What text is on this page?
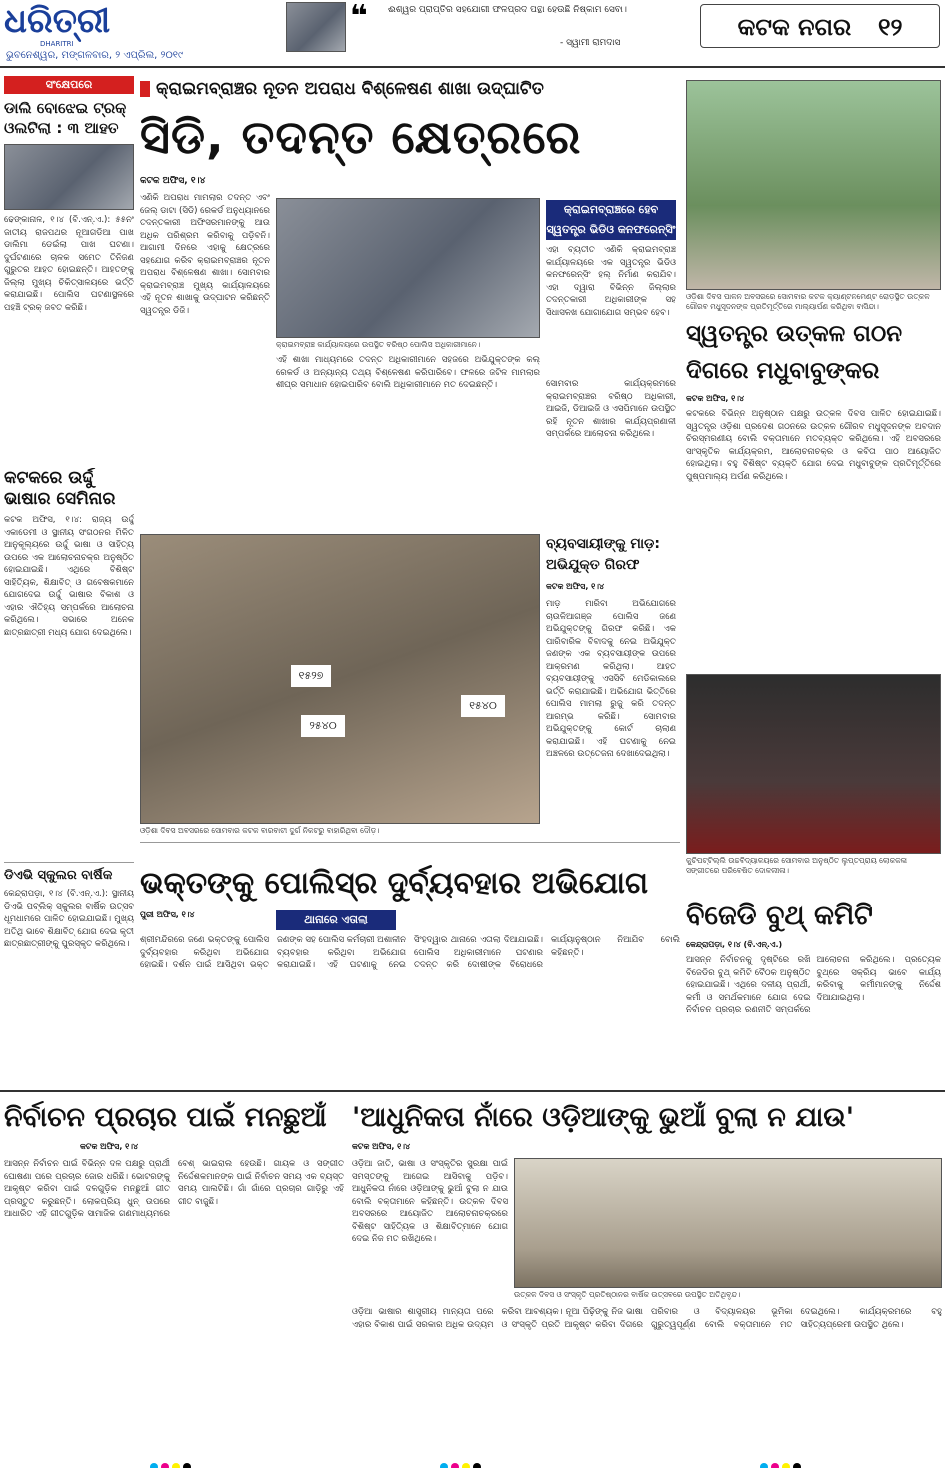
ଧରିତ୍ରୀ
DHARITRI
ଭୁବନେଶ୍ୱର, ମଙ୍ଗଳବାର, ୨ ଏପ୍ରିଲ, ୨୦୧୯
❝	ଈଶ୍ୱର ପ୍ରାପ୍ତିର ସହଯୋଗୀ ଫଳପ୍ରଦ ପନ୍ଥା ହେଉଛି ନିଷ୍କାମ ସେବା।
- ସ୍ୱାମୀ ରାମଦାସ
କଟକ ନଗର ୧୨
ସଂକ୍ଷେପରେ
ଡାଲି ବୋଝେଇ ଟ୍ରକ୍ ଓଲଟିଲା : ୩ ଆହତ
ଢେଙ୍କାନାଳ, ୧।୪ (ବି.ଏନ୍.ଏ.): ୫୫ନଂ ଜାତୀୟ ରାଜପଥର ନୂଆଗଡିଆ ପାଖ ଡାଲିମା ଡେଇଁଲା ପାଖ ଘଟଣା। ଦୁର୍ଘଟଣାରେ ଚାଳକ ସମେତ ତିନିଜଣ ଗୁରୁତର ଆହତ ହୋଇଛନ୍ତି। ଆହତଙ୍କୁ ଜିଲ୍ଲା ମୁଖ୍ୟ ଚିକିତ୍ସାଳୟରେ ଭର୍ତ୍ତି କରାଯାଇଛି। ପୋଲିସ ଘଟଣାସ୍ଥଳରେ ପହଞ୍ଚି ଟ୍ରକ୍ ଜବତ କରିଛି।
କଟକରେ ଉର୍ଦ୍ଦୁ ଭାଷାର ସେମିନାର
କଟକ ଅଫିସ, ୧।୪: ରାଜ୍ୟ ଉର୍ଦ୍ଦୁ ଏକାଡେମୀ ଓ ସ୍ଥାନୀୟ ସଂଗଠନର ମିଳିତ ଆନୁକୂଲ୍ୟରେ ଉର୍ଦ୍ଦୁ ଭାଷା ଓ ସାହିତ୍ୟ ଉପରେ ଏକ ଆଲୋଚନାଚକ୍ର ଅନୁଷ୍ଠିତ ହୋଇଯାଇଛି। ଏଥିରେ ବିଶିଷ୍ଟ ସାହିତ୍ୟିକ, ଶିକ୍ଷାବିତ୍ ଓ ଗବେଷକମାନେ ଯୋଗଦେଇ ଉର୍ଦ୍ଦୁ ଭାଷାର ବିକାଶ ଓ ଏହାର ଐତିହ୍ୟ ସମ୍ପର୍କରେ ଆଲୋଚନା କରିଥିଲେ। ସଭାରେ ଅନେକ ଛାତ୍ରଛାତ୍ରୀ ମଧ୍ୟ ଯୋଗ ଦେଇଥିଲେ।
ଡିଏଭି ସ୍କୁଲର ବାର୍ଷିକ
କେନ୍ଦ୍ରାପଡ଼ା, ୧।୪ (ବି.ଏନ୍.ଏ.): ସ୍ଥାନୀୟ ଡିଏଭି ପବ୍ଲିକ୍ ସ୍କୁଲର ବାର୍ଷିକ ଉତ୍ସବ ଧୂମଧାମରେ ପାଳିତ ହୋଇଯାଇଛି। ମୁଖ୍ୟ ଅତିଥି ଭାବେ ଶିକ୍ଷାବିତ୍ ଯୋଗ ଦେଇ କୃତୀ ଛାତ୍ରଛାତ୍ରୀଙ୍କୁ ପୁରସ୍କୃତ କରିଥିଲେ।
କ୍ରାଇମବ୍ରାଞ୍ଚର ନୂତନ ଅପରାଧ ବିଶ୍ଳେଷଣ ଶାଖା ଉଦ୍‌ଘାଟିତ
ସିଡି, ତଦନ୍ତ କ୍ଷେତ୍ରରେ
କଟକ ଅଫିସ, ୧।୪
ଏଣିକି ଅପରାଧ ମାମଲାର ତଦନ୍ତ ଏବଂ ଜେଲ୍ ଡାଟା (ସିଡି) ରେକର୍ଡ ଅନୁଧ୍ୟାନରେ ତଦନ୍ତକାରୀ ଅଫିସରମାନଙ୍କୁ ଆଉ ଅଧିକ ପରିଶ୍ରମ କରିବାକୁ ପଡ଼ିବନି। ଆଗାମୀ ଦିନରେ ଏହାକୁ କ୍ଷେତ୍ରରେ ସହଯୋଗ କରିବ କ୍ରାଇମବ୍ରାଞ୍ଚର ନୂତନ ଅପରାଧ ବିଶ୍ଳେଷଣ ଶାଖା। ସୋମବାର କ୍ରାଇମବ୍ରାଞ୍ଚ ମୁଖ୍ୟ କାର୍ଯ୍ୟାଳୟରେ ଏହି ନୂତନ ଶାଖାକୁ ଉଦ୍‌ଘାଟନ କରିଛନ୍ତି ସ୍ୱତନ୍ତ୍ର ଡିଜି।
କ୍ରାଇମବ୍ରାଞ୍ଚ କାର୍ଯ୍ୟାଳୟରେ ଉପସ୍ଥିତ ବରିଷ୍ଠ ପୋଲିସ ଅଧିକାରୀମାନେ।
ଏହି ଶାଖା ମାଧ୍ୟମରେ ତଦନ୍ତ ଅଧିକାରୀମାନେ ସହଜରେ ଅଭିଯୁକ୍ତଙ୍କ କଲ୍ ରେକର୍ଡ ଓ ଅନ୍ୟାନ୍ୟ ତଥ୍ୟ ବିଶ୍ଳେଷଣ କରିପାରିବେ। ଫଳରେ ଜଟିଳ ମାମଲାର ଶୀଘ୍ର ସମାଧାନ ହୋଇପାରିବ ବୋଲି ଅଧିକାରୀମାନେ ମତ ଦେଇଛନ୍ତି।
କ୍ରାଇମବ୍ରାଞ୍ଚରେ ହେବ ସ୍ୱତନ୍ତ୍ର ଭିଡିଓ କନଫରେନ୍ସିଂ
ଏହା ବ୍ୟତୀତ ଏଣିକି କ୍ରାଇମବ୍ରାଞ୍ଚ କାର୍ଯ୍ୟାଳୟରେ ଏକ ସ୍ୱତନ୍ତ୍ର ଭିଡିଓ କନଫରେନ୍ସିଂ ହଲ୍ ନିର୍ମାଣ କରାଯିବ। ଏହା ଦ୍ୱାରା ବିଭିନ୍ନ ଜିଲ୍ଲାର ତଦନ୍ତକାରୀ ଅଧିକାରୀଙ୍କ ସହ ସିଧାସଳଖ ଯୋଗାଯୋଗ ସମ୍ଭବ ହେବ।
ସୋମବାର କାର୍ଯ୍ୟକ୍ରମରେ କ୍ରାଇମବ୍ରାଞ୍ଚର ବରିଷ୍ଠ ଅଧିକାରୀ, ଆଇଜି, ଡିଆଇଜି ଓ ଏସପିମାନେ ଉପସ୍ଥିତ ରହି ନୂତନ ଶାଖାର କାର୍ଯ୍ୟପ୍ରଣାଳୀ ସମ୍ପର୍କରେ ଆଲୋଚନା କରିଥିଲେ।
୧୫୨୭
୨୫୪୦
୧୫୪୦
ଓଡ଼ିଶା ଦିବସ ଅବସରରେ ସୋମବାର କଟକ ବାରବାଟୀ ଦୁର୍ଗ ନିକଟରୁ ବାହାରିଥିବା ଦୌଡ଼।
ବ୍ୟବସାୟୀଙ୍କୁ ମାଡ଼: ଅଭିଯୁକ୍ତ ଗିରଫ
କଟକ ଅଫିସ, ୧।୪
ମାଡ଼ ମାରିବା ଅଭିଯୋଗରେ ଚାଉଳିଆଗଞ୍ଜ ପୋଲିସ ଜଣେ ଅଭିଯୁକ୍ତଙ୍କୁ ଗିରଫ କରିଛି। ଏକ ପାରିବାରିକ ବିବାଦକୁ ନେଇ ଅଭିଯୁକ୍ତ ଜଣଙ୍କ ଏକ ବ୍ୟବସାୟୀଙ୍କ ଉପରେ ଆକ୍ରମଣ କରିଥିଲା। ଆହତ ବ୍ୟବସାୟୀଙ୍କୁ ଏସସିବି ମେଡିକାଲରେ ଭର୍ତ୍ତି କରାଯାଇଛି। ଅଭିଯୋଗ ଭିତ୍ତିରେ ପୋଲିସ ମାମଲା ରୁଜୁ କରି ତଦନ୍ତ ଆରମ୍ଭ କରିଛି। ସୋମବାର ଅଭିଯୁକ୍ତଙ୍କୁ କୋର୍ଟ ଚାଲାଣ କରାଯାଇଛି। ଏହି ଘଟଣାକୁ ନେଇ ଅଞ୍ଚଳରେ ଉତ୍ତେଜନା ଦେଖାଦେଇଥିଲା।
ଓଡ଼ିଶା ଦିବସ ପାଳନ ଅବସରରେ ସୋମବାର କଟକ କ୍ୟାଣ୍ଟନମେଣ୍ଟ ରୋଡ଼ସ୍ଥିତ ଉତ୍କଳ ଗୌରବ ମଧୁସୂଦନଙ୍କ ପ୍ରତିମୂର୍ତ୍ତିରେ ମାଲ୍ୟାର୍ପଣ କରିଥିବା ବାସିନ୍ଦା।
ସ୍ୱତନ୍ତ୍ର ଉତ୍କଳ ଗଠନ ଦିଗରେ ମଧୁବାବୁଙ୍କର
କଟକ ଅଫିସ, ୧।୪
କଟକରେ ବିଭିନ୍ନ ଅନୁଷ୍ଠାନ ପକ୍ଷରୁ ଉତ୍କଳ ଦିବସ ପାଳିତ ହୋଇଯାଇଛି। ସ୍ୱତନ୍ତ୍ର ଓଡ଼ିଶା ପ୍ରଦେଶ ଗଠନରେ ଉତ୍କଳ ଗୌରବ ମଧୁସୂଦନଙ୍କ ଅବଦାନ ଚିରସ୍ମରଣୀୟ ବୋଲି ବକ୍ତାମାନେ ମତବ୍ୟକ୍ତ କରିଥିଲେ। ଏହି ଅବସରରେ ସାଂସ୍କୃତିକ କାର୍ଯ୍ୟକ୍ରମ, ଆଲୋଚନାଚକ୍ର ଓ କବିତା ପାଠ ଆୟୋଜିତ ହୋଇଥିଲା। ବହୁ ବିଶିଷ୍ଟ ବ୍ୟକ୍ତି ଯୋଗ ଦେଇ ମଧୁବାବୁଙ୍କ ପ୍ରତିମୂର୍ତ୍ତିରେ ପୁଷ୍ପମାଲ୍ୟ ଅର୍ପଣ କରିଥିଲେ।
କୁଚିପଟ୍ଟିଲ୍ଲି ଉଚ୍ଚବିଦ୍ୟାଳୟରେ ସୋମବାର ଅନୁଷ୍ଠିତ ଲୁପ୍ତପ୍ରାୟ ଲୋକକଳା ସଙ୍ଗୀତରେ ପରିବେଷିତ ଦୋଳଲୀଳା।
ଭକ୍ତଙ୍କୁ ପୋଲିସ୍‌ର ଦୁର୍ବ୍ୟବହାର ଅଭିଯୋଗ
ପୁରୀ ଅଫିସ, ୧।୪	ଥାନାରେ ଏତାଲା
ଶ୍ରୀମନ୍ଦିରରେ ଜଣେ ଭକ୍ତଙ୍କୁ ପୋଲିସ ଦୁର୍ବ୍ୟବହାର କରିଥିବା ଅଭିଯୋଗ ହୋଇଛି। ଦର୍ଶନ ପାଇଁ ଆସିଥିବା ଭକ୍ତ ଜଣଙ୍କ ସହ ପୋଲିସ କର୍ମଚାରୀ ଅଶାଳୀନ ବ୍ୟବହାର କରିଥିବା ଅଭିଯୋଗ କରାଯାଇଛି। ଏହି ଘଟଣାକୁ ନେଇ ସିଂହଦ୍ୱାର ଥାନାରେ ଏତାଲା ଦିଆଯାଇଛି। ପୋଲିସ ଅଧିକାରୀମାନେ ଘଟଣାର ତଦନ୍ତ କରି ଦୋଷୀଙ୍କ ବିରୋଧରେ କାର୍ଯ୍ୟାନୁଷ୍ଠାନ ନିଆଯିବ ବୋଲି କହିଛନ୍ତି।
ବିଜେଡି ବୁଥ୍ କମିଟି
କେନ୍ଦ୍ରାପଡ଼ା, ୧।୪ (ବି.ଏନ୍.ଏ.)
ଆସନ୍ନ ନିର୍ବାଚନକୁ ଦୃଷ୍ଟିରେ ରଖି ବିଜେଡିର ବୁଥ୍ କମିଟି ବୈଠକ ଅନୁଷ୍ଠିତ ହୋଇଯାଇଛି। ଏଥିରେ ଦଳୀୟ ପ୍ରାର୍ଥୀ, କର୍ମୀ ଓ ସମର୍ଥକମାନେ ଯୋଗ ଦେଇ ନିର୍ବାଚନ ପ୍ରଚାର ରଣନୀତି ସମ୍ପର୍କରେ ଆଲୋଚନା କରିଥିଲେ। ପ୍ରତ୍ୟେକ ବୁଥ୍‌ରେ ସକ୍ରିୟ ଭାବେ କାର୍ଯ୍ୟ କରିବାକୁ କର୍ମୀମାନଙ୍କୁ ନିର୍ଦ୍ଦେଶ ଦିଆଯାଇଥିଲା।
ନିର୍ବାଚନ ପ୍ରଚାର ପାଇଁ ମନଛୁଆଁ
କଟକ ଅଫିସ, ୧।୪
ଆସନ୍ନ ନିର୍ବାଚନ ପାଇଁ ବିଭିନ୍ନ ଦଳ ପକ୍ଷରୁ ପ୍ରାର୍ଥୀ ଘୋଷଣା ପରେ ପ୍ରଚାର ଜୋର ଧରିଛି। ଭୋଟରଙ୍କୁ ଆକୃଷ୍ଟ କରିବା ପାଇଁ ଦଳଗୁଡ଼ିକ ମନଛୁଆଁ ଗୀତ ପ୍ରସ୍ତୁତ କରୁଛନ୍ତି। ଲୋକପ୍ରିୟ ଧୁନ୍ ଉପରେ ଆଧାରିତ ଏହି ଗୀତଗୁଡ଼ିକ ସାମାଜିକ ଗଣମାଧ୍ୟମରେ ବେଶ୍ ଭାଇରାଲ ହେଉଛି। ଗାୟକ ଓ ସଙ୍ଗୀତ ନିର୍ଦ୍ଦେଶକମାନଙ୍କ ପାଇଁ ନିର୍ବାଚନ ସମୟ ଏକ ବ୍ୟସ୍ତ ସମୟ ପାଲଟିଛି। ଗାଁ ଗାଁରେ ପ୍ରଚାର ଗାଡ଼ିରୁ ଏହି ଗୀତ ବାଜୁଛି।
'ଆଧୁନିକତା ନାଁରେ ଓଡ଼ିଆଙ୍କୁ ଭୁଆଁ ବୁଲା ନ ଯାଉ'
କଟକ ଅଫିସ, ୧।୪
ଓଡ଼ିଆ ଜାତି, ଭାଷା ଓ ସଂସ୍କୃତିର ସୁରକ୍ଷା ପାଇଁ ସମସ୍ତଙ୍କୁ ଆଗେଇ ଆସିବାକୁ ପଡ଼ିବ। ଆଧୁନିକତା ନାଁରେ ଓଡ଼ିଆଙ୍କୁ ଭୁଆଁ ବୁଲା ନ ଯାଉ ବୋଲି ବକ୍ତାମାନେ କହିଛନ୍ତି। ଉତ୍କଳ ଦିବସ ଅବସରରେ ଆୟୋଜିତ ଆଲୋଚନାଚକ୍ରରେ ବିଶିଷ୍ଟ ସାହିତ୍ୟିକ ଓ ଶିକ୍ଷାବିତ୍‌ମାନେ ଯୋଗ ଦେଇ ନିଜ ମତ ରଖିଥିଲେ।
ଉତ୍କଳ ଦିବସ ଓ ସଂସ୍କୃତି ପ୍ରତିଷ୍ଠାନର ବାର୍ଷିକ ଉତ୍ସବରେ ଉପସ୍ଥିତ ଅତିଥିବୃନ୍ଦ।
ଓଡ଼ିଆ ଭାଷାର ଶାସ୍ତ୍ରୀୟ ମାନ୍ୟତା ପରେ ଏହାର ବିକାଶ ପାଇଁ ସରକାର ଅଧିକ ଉଦ୍ୟମ କରିବା ଆବଶ୍ୟକ। ନୂଆ ପିଢ଼ିଙ୍କୁ ନିଜ ଭାଷା ଓ ସଂସ୍କୃତି ପ୍ରତି ଆକୃଷ୍ଟ କରିବା ଦିଗରେ ପରିବାର ଓ ବିଦ୍ୟାଳୟର ଭୂମିକା ଗୁରୁତ୍ୱପୂର୍ଣ୍ଣ ବୋଲି ବକ୍ତାମାନେ ମତ ଦେଇଥିଲେ। କାର୍ଯ୍ୟକ୍ରମରେ ବହୁ ସାହିତ୍ୟପ୍ରେମୀ ଉପସ୍ଥିତ ଥିଲେ।
